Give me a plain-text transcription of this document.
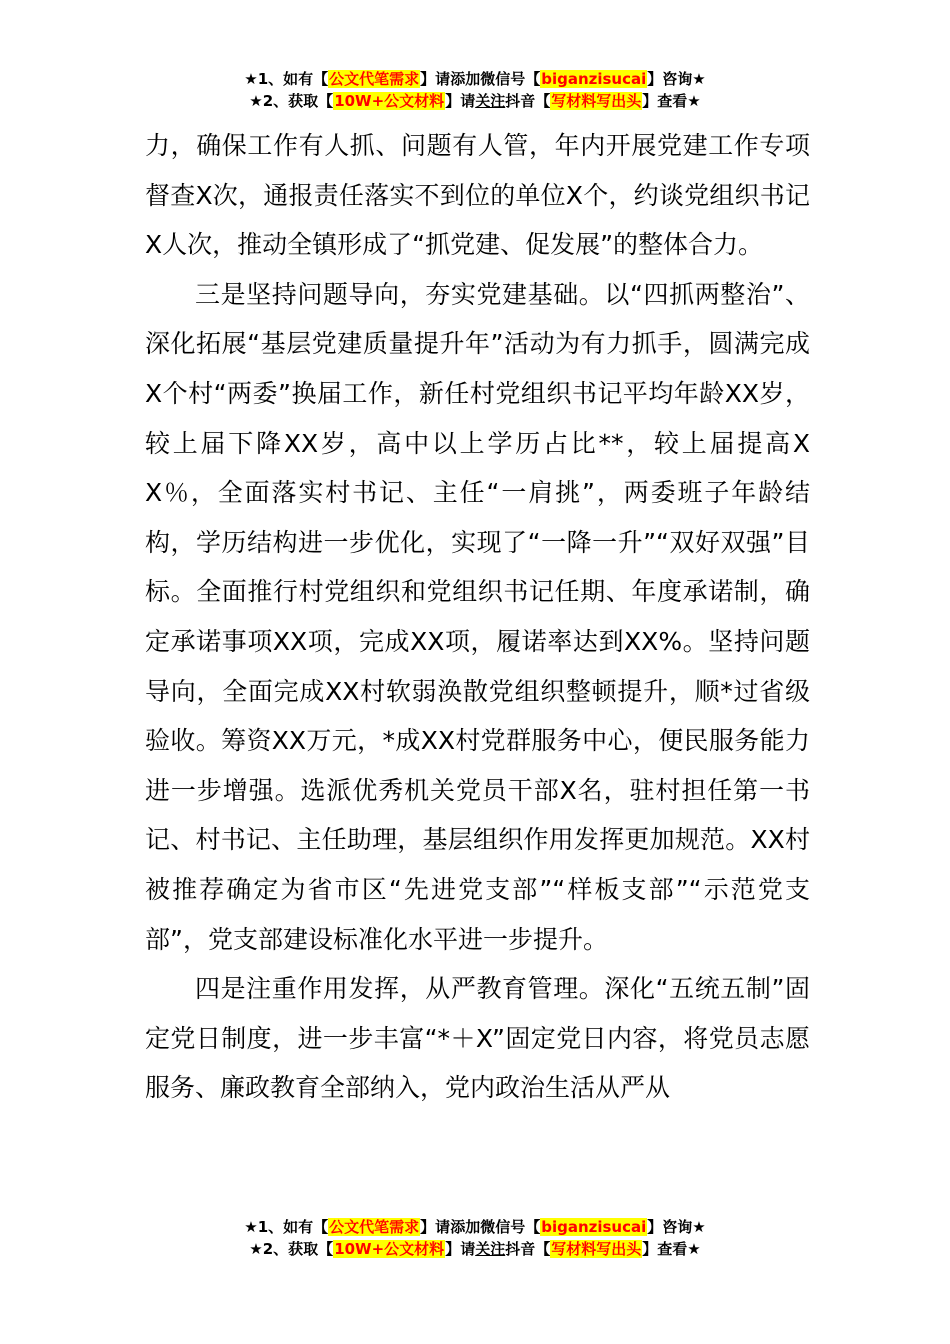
★1、如有【公文代笔需求】请添加微信号【biganzisucai】咨询★
★2、获取【10W+公文材料】请关注抖音【写材料写出头】查看★

力，确保工作有人抓、问题有人管，年内开展党建工作专项督查X次，通报责任落实不到位的单位X个，约谈党组织书记X人次，推动全镇形成了“抓党建、促发展”的整体合力。

三是坚持问题导向，夯实党建基础。以“四抓两整治”、深化拓展“基层党建质量提升年”活动为有力抓手，圆满完成X个村“两委”换届工作，新任村党组织书记平均年龄XX岁，较上届下降XX岁，高中以上学历占比**，较上届提高XX％，全面落实村书记、主任“一肩挑”，两委班子年龄结构，学历结构进一步优化，实现了“一降一升”“双好双强”目标。全面推行村党组织和党组织书记任期、年度承诺制，确定承诺事项XX项，完成XX项，履诺率达到XX%。坚持问题导向，全面完成XX村软弱涣散党组织整顿提升，顺*过省级验收。筹资XX万元，*成XX村党群服务中心，便民服务能力进一步增强。选派优秀机关党员干部X名，驻村担任第一书记、村书记、主任助理，基层组织作用发挥更加规范。XX村被推荐确定为省市区“先进党支部”“样板支部”“示范党支部”，党支部建设标准化水平进一步提升。

四是注重作用发挥，从严教育管理。深化“五统五制”固定党日制度，进一步丰富“*＋X”固定党日内容，将党员志愿服务、廉政教育全部纳入，党内政治生活从严从

★1、如有【公文代笔需求】请添加微信号【biganzisucai】咨询★
★2、获取【10W+公文材料】请关注抖音【写材料写出头】查看★
